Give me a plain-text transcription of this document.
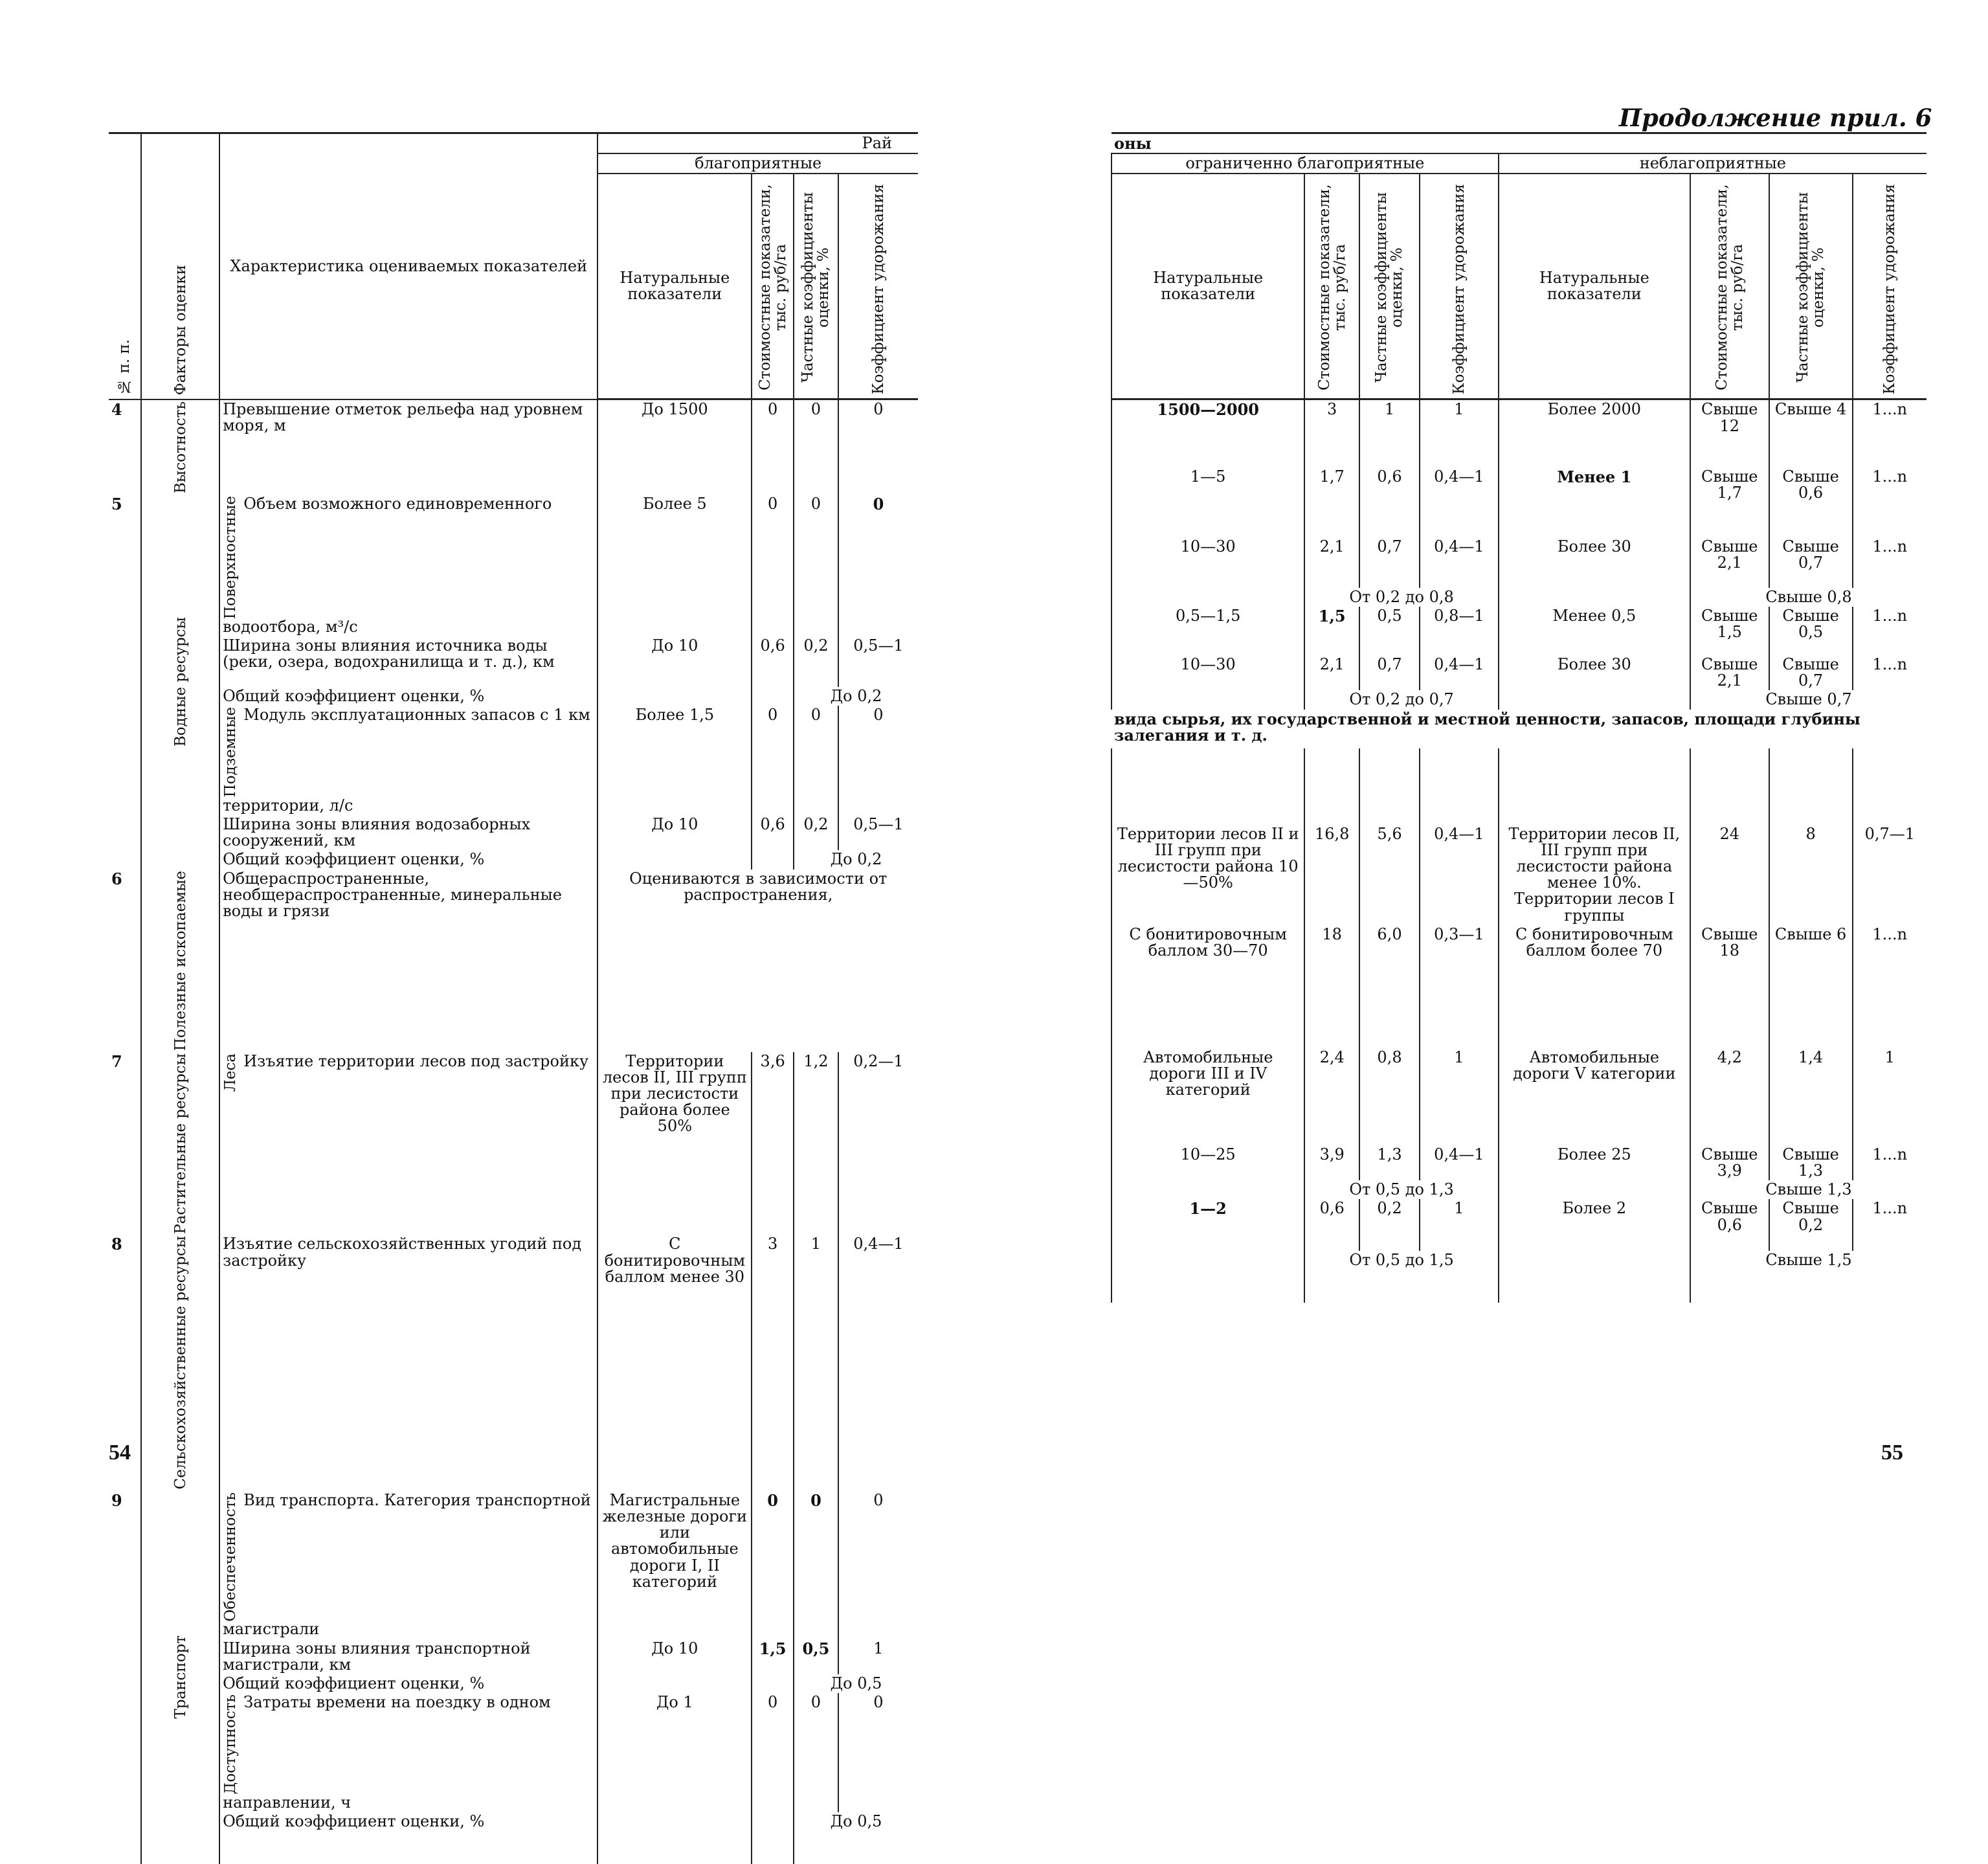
№ п. п.	Факторы оценки	Характеристика оцениваемых показателей	Рай			
			благоприятные			
			Натуральные показатели	Стоимостные показатели, тыс. руб/га	Частные коэффициенты оценки, %	Коэффициент удорожания

4	Высотность	Превышение отметок рельефа над уровнем моря, м	До 1500	0	0	0
5	Водные ресурсы	Поверхностные Объем возможного единовременного водоотбора, м³/с	Более 5	0	0	0
		Ширина зоны влияния источника воды (реки, озера, водохранилища и т. д.), км	До 10	0,6	0,2	0,5—1
		Общий коэффициент оценки, %			До 0,2	
		Подземные Модуль эксплуатационных запасов с 1 км территории, л/с	Более 1,5	0	0	0
		Ширина зоны влияния водозаборных сооружений, км	До 10	0,6	0,2	0,5—1
		Общий коэффициент оценки, %			До 0,2	
6	Полезные ископаемые	Общераспространенные, необщераспространенные, минеральные воды и грязи	Оцениваются в зависимости от распространения,			
7	Растительные ресурсы	Леса Изъятие территории лесов под застройку	Территории лесов II, III групп при лесистости района более 50%	3,6	1,2	0,2—1
8	Сельскохозяйственные ресурсы	Изъятие сельскохозяйственных угодий под застройку	С бонитировочным баллом менее 30	3	1	0,4—1
9	Транспорт	Обеспеченность Вид транспорта. Категория транспортной магистрали	Магистральные железные дороги или автомобильные дороги I, II категорий	0	0	0
		Ширина зоны влияния транспортной магистрали, км	До 10	1,5	0,5	1
		Общий коэффициент оценки, %			До 0,5	
		Доступность Затраты времени на поездку в одном направлении, ч	До 1	0	0	0
		Общий коэффициент оценки, %			До 0,5	
54
Продолжение прил. 6
оны							
ограниченно благоприятные				неблагоприятные			
Натуральные показатели	Стоимостные показатели, тыс. руб/га	Частные коэффициенты оценки, %	Коэффициент удорожания	Натуральные показатели	Стоимостные показатели, тыс. руб/га	Частные коэффициенты оценки, %	Коэффициент удорожания

1500—2000	3	1	1	Более 2000	Свыше 12	Свыше 4	1...n
1—5	1,7	0,6	0,4—1	Менее 1	Свыше 1,7	Свыше 0,6	1...n
10—30	2,1	0,7	0,4—1	Более 30	Свыше 2,1	Свыше 0,7	1...n
	От 0,2 до 0,8				Свыше 0,8		
0,5—1,5	1,5	0,5	0,8—1	Менее 0,5	Свыше 1,5	Свыше 0,5	1...n
10—30	2,1	0,7	0,4—1	Более 30	Свыше 2,1	Свыше 0,7	1...n
	От 0,2 до 0,7				Свыше 0,7		
вида сырья, их государственной и местной ценности, запасов, площади глубины залегания и т. д.							
Территории лесов II и III групп при лесистости района 10—50%	16,8	5,6	0,4—1	Территории лесов II, III групп при лесистости района менее 10%. Территории лесов I группы	24	8	0,7—1
С бонитировочным баллом 30—70	18	6,0	0,3—1	С бонитировочным баллом более 70	Свыше 18	Свыше 6	1...n
Автомобильные дороги III и IV категорий	2,4	0,8	1	Автомобильные дороги V категории	4,2	1,4	1
10—25	3,9	1,3	0,4—1	Более 25	Свыше 3,9	Свыше 1,3	1...n
	От 0,5 до 1,3				Свыше 1,3		
1—2	0,6	0,2	1	Более 2	Свыше 0,6	Свыше 0,2	1...n
	От 0,5 до 1,5				Свыше 1,5		
55
